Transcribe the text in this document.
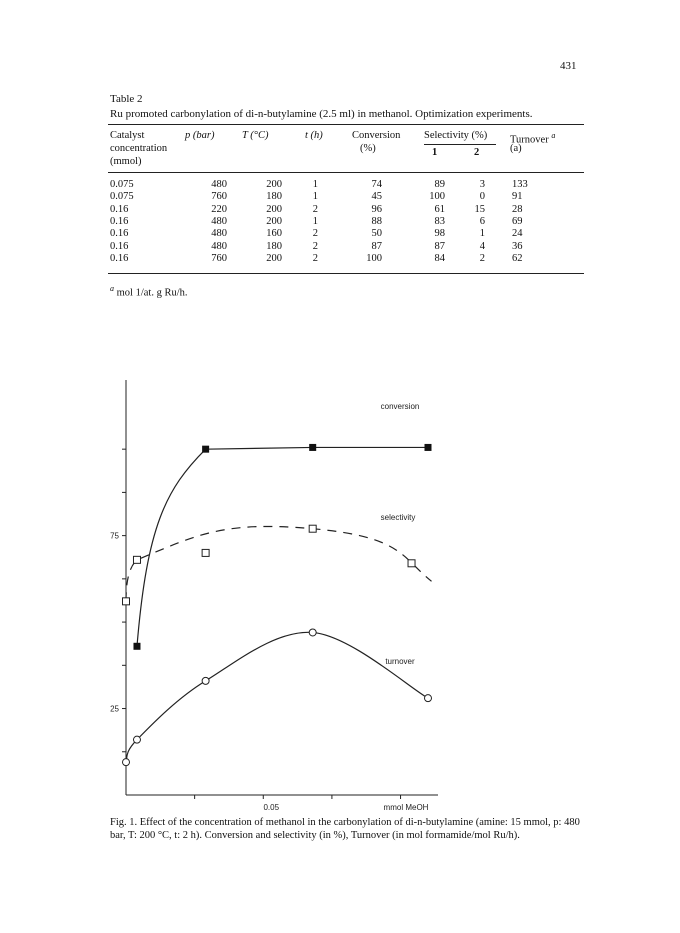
431
Table 2
Ru promoted carbonylation of di-n-butylamine (2.5 ml) in methanol. Optimization experiments.
Catalyst
concentration
(mmol)
p (bar)	T (°C)	t (h)	Conversion
(%)
Selectivity (%)
1	2
Turnover $^a$
(a)
0.075	480	200	1	74	89	3	133
0.075	760	180	1	45	100	0	91
0.16	220	200	2	96	61	15	28
0.16	480	200	1	88	83	6	69
0.16	480	160	2	50	98	1	24
0.16	480	180	2	87	87	4	36
0.16	760	200	2	100	84	2	62
$^a$ mol 1/at. g Ru/h.
25
75
0.05	mmol MeOH
conversion
selectivity
turnover
Fig. 1. Effect of the concentration of methanol in the carbonylation of di-n-butylamine (amine: 15 mmol, p: 480 bar, T: 200 °C, t: 2 h). Conversion and selectivity (in %), Turnover (in mol formamide/mol Ru/h).
